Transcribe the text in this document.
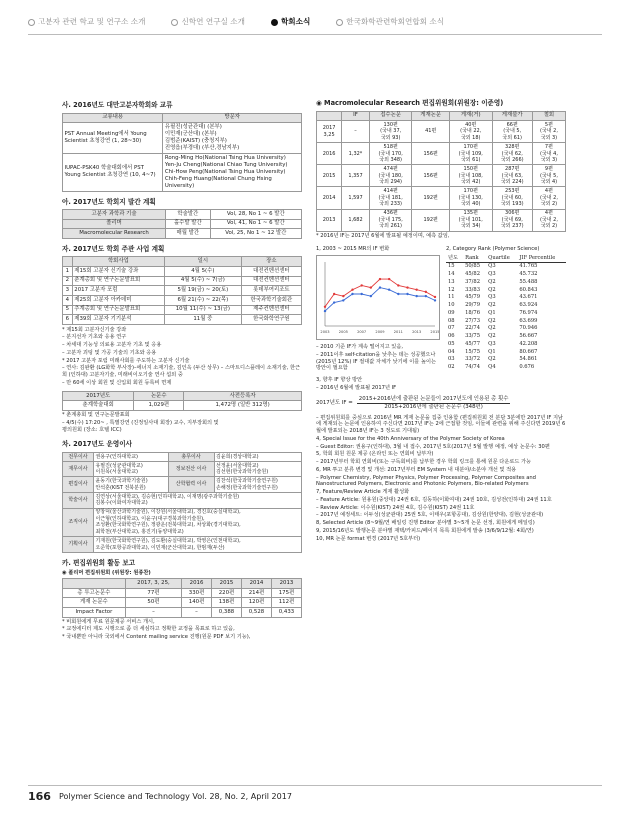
고분자 관련 학교 및 연구소 소개	신학연 연구실 소개	학회소식	한국화학관련학회연합회 소식
사. 2016년도 대만고분자학회와 교류
교류내용	방문자
PST Annual Meeting에서 Young Scientist 초청강연 (1, 28~30)	유필진(성균관대) (본부)
이민재(군산대) (본부)
김범준(KAIST) (충청지부)
진영읍(부경대) (부산,경남지부)
IUPAC-PSK40 학술대회에서 PST Young Scientist 초청강연 (10, 4~7)	Rong-Ming Ho(National Tsing Hua University)
Yen-Ju Cheng(National Chiao Tung University)
Chi-How Peng(National Tsing Hua University)
Chih-Feng Huang(National Chung Hsing University)
아. 2017년도 학회지 발간 계획
고분자 과학과 기술	학술발간	Vol, 28, No 1 ~ 6 발간
폴리머	홀수발 발간	Vol, 41, No 1 ~ 6 발간
Macromolecular Research	매월 발간	Vol, 25, No 1 ~ 12 발간
자. 2017년도 학회 주관 사업 계획
	학회사업	일시	장소
1	제15회 고분자 신기술 강좌	4월 5(수)	대전컨벤션센터
2	춘계총회 및 연구논문발표회	4월 5(수) ~ 7(금)	대전컨벤션센터
3	2017 고분자 포럼	5월 19(금) ~ 20(토)	롯데부여리조트
4	제25회 고분자 아카데미	6월 21(수) ~ 22(목)	한국과학기술회관
5	추계총회 및 연구논문발표회	10월 11(수) ~ 13(금)	제주컨벤션센터
6	제39회 고분자 기기분석	11월 중	한국화학연구원
* 제15회 고분자신기술 강좌
– 분지선자 기초와 응용 연구
– 차세대 기능성 의료용 고분자 기초 및 응용
– 고분자 괴팅 및 가공 기술의 기초와 응용
* 2017 고분자 포럼 미래사회를 주도하는 고분자 신기술
– 연사: 김완환 (LG화학 부사장)–에너지 소재기술, 김인옥 (두산 상무) – 스마트디스플레이 소재기술, 한근희 (인하대) 고분자기술, 미래비이오기술 연사 섭외 중
– 만 60세 이상 회원 및 신입회 회원 등록비 면제
2017년도	논문수	사전등록자
춘계학술대회	1,029편	1,472명 (일반 312명)
* 춘계총회 및 연구논문발표회
– 4/5(수) 17:20~ , 특별강연 (진정일사대 회장) 교수, 지부장회의 및
평의원회 (장소: 호텔 ICC)
차. 2017년도 운영이사
전무이사	권용구(인하대학교)	총무이사	김윤희(경상대학교)
재무이사	유필진(성균관대학교)
이원목(서울대학교)	정보전산 이사	선정윤(서울대학교)
김선현(한국과학기술원)
편집이사	윤동기(한국과학기술원)
안석훈(KIST 전북분원)	산학협력 이사	김찬석(한국과학기술연구원)
손해정(한국과학기술연구원)
학술이사	김연상(서울대학교), 김승현(인하대학교), 이재명(광주과학기술원)
김봉수(이화여자대학교)		
조직이사	양창덕(울산과학기술원), 이강원(서울대학교), 경진호(숭실대학교),
이근형(인하대학교), 이윤구(대구경북과학기술원),
조성환(한국화학연구원), 정광운(전북대학교), 차상화(경기대학교),
최학천(부산대학교), 홍진기(동양대학교)		
기획이사	기재원(한국화학연구원), 김도환(숭실대학교), 박영은(인천대학교),
오준학(포항공과대학교), 이민재(군산대학교), 한범재(두산)		
카. 편집위원회 활동 보고
◉ 폴리머 편집위원회 (위원장: 원종찬)
	2017, 3, 25,	2016	2015	2014	2013
총 투고논문수	77편	330편	220편	214편	175편
게재 논문수	50편	140편	138편	120편	112편
Impact Factor	–	–	0,388	0,528	0,433
* 비회원에게 무료 원문제공 서비스 개시,
* 교정에디터 제도 시행으로 좀 더 세심하고 정확한 교정을 목표로 하고 있음,
* 국내뿐만 아니라 국외에서 Content mailing service 진행(원문 PDF 보기 기능),
◉ Macromolecular Research 편집위원회(위원장: 이준영)
	IF	접수논문	게재논문	게재(거)	게재불가	철회
2017
3,25	–	130편
(국내 37,
국외 93)	41편	40편
(국내 22,
국외 18)	66편
(국내 5,
국외 61)	5편
(국내 2,
국외 3)
2016	1,32*	518편
(국내 170,
국외 348)	156편	170편
(국내 109,
국외 61)	328편
(국내 62,
국외 266)	7편
(국내 4,
국외 3)
2015	1,357	474편
(국내 180,
국외 294)	156편	150편
(국내 108,
국외 42)	287편
(국내 63,
국외 224)	9편
(국내 5,
국외 4)
2014	1,597	414편
(국내 181,
국외 233)	192편	170편
(국내 130,
국외 40)	253편
(국내 60,
국외 193)	4편
(국내 2,
국외 2)
2013	1,682	436편
(국내 175,
국외 261)	192편	135편
(국내 101,
국외 34)	306편
(국내 69,
국외 237)	4편
(국내 2,
국외 2)
* 2016년 IF는 2017년 6월에 발표될 예정이며, 예측 값임,
1, 2003 ~ 2015 MR의 IF 변화
2003	2005	2007	2009	2011	2013	2015
– 2010 기준 IF가 계속 떨어지고 있음,
– 2011이후 self-citation을 낮추는 데는 성공했으나(2015년 12%) IF 절대값 자체가 낮기에 이를 높이는 방안이 필요함
2, Category Rank (Polymer Science)
년도	Rank	Quartile	JIF Percentile
15	50/85	Q3	41.765
14	45/82	Q3	45.732
13	37/82	Q2	55.488
12	33/83	Q2	60.843
11	45/79	Q3	43.671
10	29/79	Q2	63.924
09	18/76	Q1	76.974
08	27/73	Q2	63.699
07	22/74	Q2	70.946
06	33/75	Q2	56.667
05	45/77	Q3	42.208
04	15/75	Q1	80.667
03	33/72	Q2	54.861
02	74/74	Q4	0.676
3, 향후 IF 향상 방안
– 2016년 6월에 발표될 2017년 IF
2017년도 IF = $\frac{\text{2015+2016년에 출판된 논문들이 2017년도에 인용된 총 횟수}}{\text{2015+2016년에 출판된 논문수 (348편)}}$
– 편집위원회를 중심으로 2016년 MR 게재 논문을 집중 인용함 (편집위원회 전 분담 3분에만 2017년 IF 지남에 게재되는 논문에 인용하여 주신다면 2017년 IF는 2에 근접할 것임, 이들에 관련을 위해 주신다면 2019년 6월에 발표되는 2018년 IF는 3 정도로 기대됨)
4, Special Issue for the 40th Anniversary of the Polymer Society of Korea
– Guest Editor: 권용구(인하대), 3월 내 접수, 2017년 5호(2017년 5월 발행 예정, 예상 논문수: 30편
5, 학회 회원 원문 제공 (온라인 또는 연회비 납부자)
– 2017년부터 학회 연회비(또는 구독회비)를 납부한 경우 학회 링크를 통해 원문 다운로드 가능
6, MR 투고 분류 변경 및 개선: 2017년부터 EM System 내 대분야/소분야 개선 및 적용
– Polymer Chemistry, Polymer Physics, Polymer Processing, Polymer Composites and Nanostructured Polymers, Electronic and Photonic Polymers, Bio-related Polymers
7, Feature/Review Article 게재 활성화
– Feature Article: 원용원(중앙대) 24권 6호, 김동하(이화여대) 24권 10호, 김성전(인하대) 24권 11호
– Review Article: 이수원(KIST) 24권 4호, 김수원(KIST) 24권 11호
– 2017년 예정세트: 이두성(성균관대) 25권 5호, 이태우(포항공대), 김상원(한양대), 김현(성균관대)
8, Selected Article (8~9월/연 배일링 진행 Editor 분야별 3~5개 논문 선정, 회원에게 메일링)
9, 2015/16년도 발행논문 분야별 재택/카피드/페이지 목록 회원에게 발송 (3/6/9/12월: 4회/연)
10, MR 논문 format 변경 (2017년 5호부터)
166 Polymer Science and Technology Vol. 28, No. 2, April 2017
